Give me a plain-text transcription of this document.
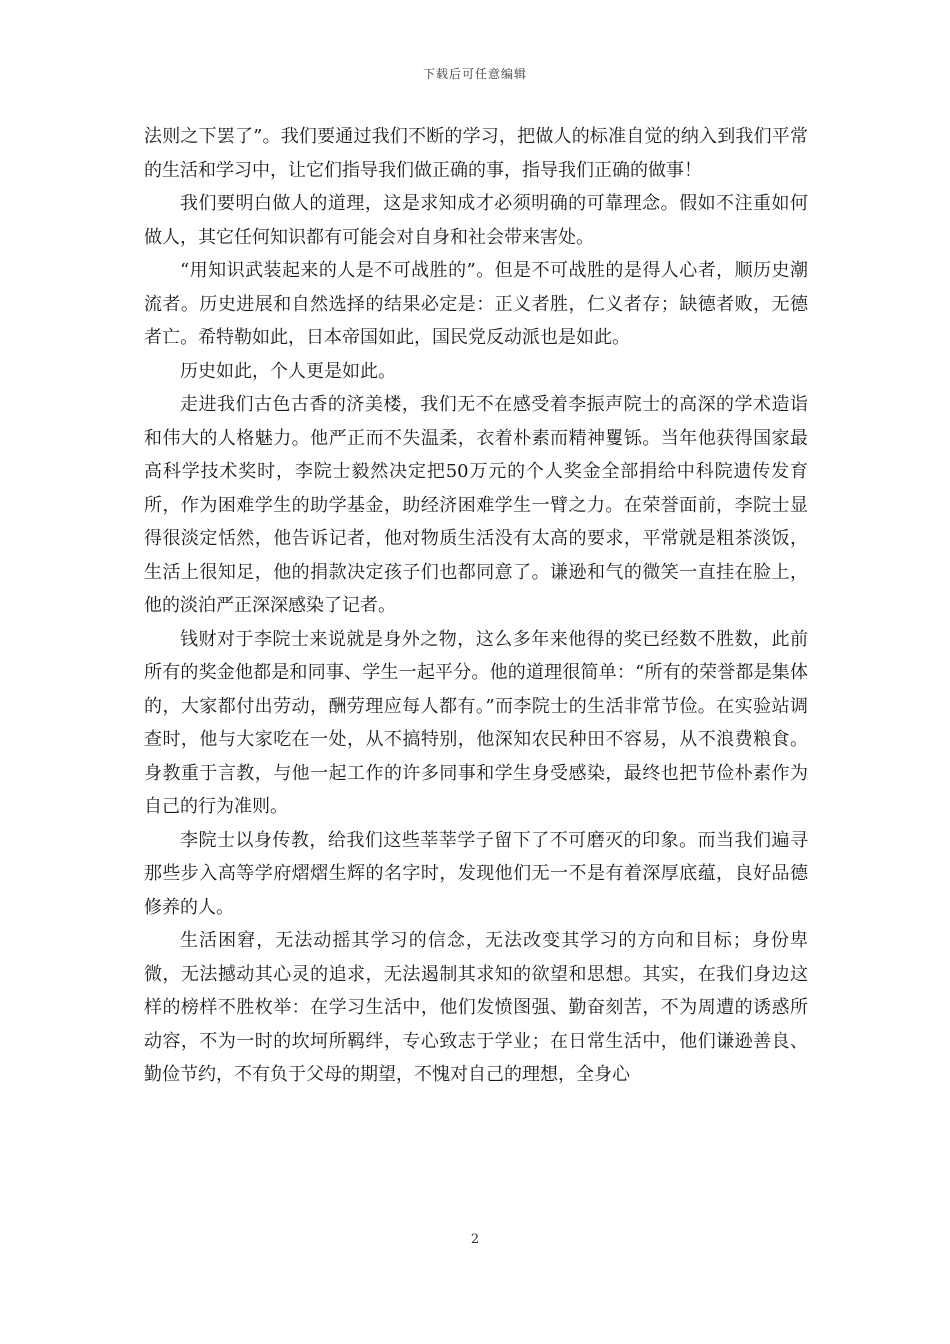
下载后可任意编辑

法则之下罢了”。我们要通过我们不断的学习，把做人的标准自觉的纳入到我们平常的生活和学习中，让它们指导我们做正确的事，指导我们正确的做事！

我们要明白做人的道理，这是求知成才必须明确的可靠理念。假如不注重如何做人，其它任何知识都有可能会对自身和社会带来害处。

“用知识武装起来的人是不可战胜的”。但是不可战胜的是得人心者，顺历史潮流者。历史进展和自然选择的结果必定是：正义者胜，仁义者存；缺德者败，无德者亡。希特勒如此，日本帝国如此，国民党反动派也是如此。

历史如此，个人更是如此。

走进我们古色古香的济美楼，我们无不在感受着李振声院士的高深的学术造诣和伟大的人格魅力。他严正而不失温柔，衣着朴素而精神矍铄。当年他获得国家最高科学技术奖时，李院士毅然决定把50万元的个人奖金全部捐给中科院遗传发育所，作为困难学生的助学基金，助经济困难学生一臂之力。在荣誉面前，李院士显得很淡定恬然，他告诉记者，他对物质生活没有太高的要求，平常就是粗茶淡饭，生活上很知足，他的捐款决定孩子们也都同意了。谦逊和气的微笑一直挂在脸上，他的淡泊严正深深感染了记者。

钱财对于李院士来说就是身外之物，这么多年来他得的奖已经数不胜数，此前所有的奖金他都是和同事、学生一起平分。他的道理很简单：“所有的荣誉都是集体的，大家都付出劳动，酬劳理应每人都有。”而李院士的生活非常节俭。在实验站调查时，他与大家吃在一处，从不搞特别，他深知农民种田不容易，从不浪费粮食。身教重于言教，与他一起工作的许多同事和学生身受感染，最终也把节俭朴素作为自己的行为准则。

李院士以身传教，给我们这些莘莘学子留下了不可磨灭的印象。而当我们遍寻那些步入高等学府熠熠生辉的名字时，发现他们无一不是有着深厚底蕴，良好品德修养的人。

生活困窘，无法动摇其学习的信念，无法改变其学习的方向和目标；身份卑微，无法撼动其心灵的追求，无法遏制其求知的欲望和思想。其实，在我们身边这样的榜样不胜枚举：在学习生活中，他们发愤图强、勤奋刻苦，不为周遭的诱惑所动容，不为一时的坎坷所羁绊，专心致志于学业；在日常生活中，他们谦逊善良、勤俭节约，不有负于父母的期望，不愧对自己的理想，全身心

2
